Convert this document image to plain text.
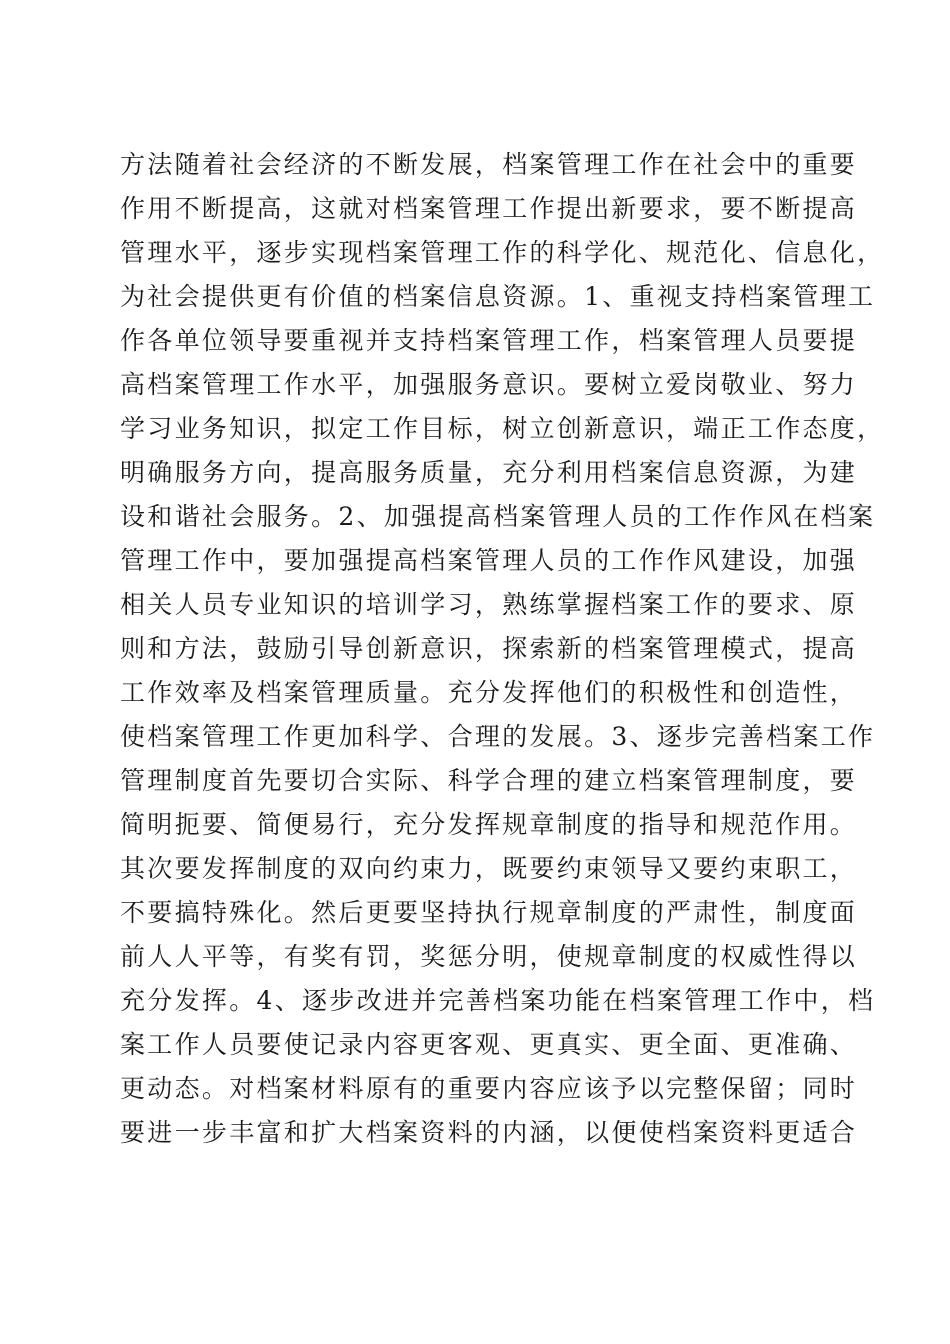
方法随着社会经济的不断发展，档案管理工作在社会中的重要
作用不断提高，这就对档案管理工作提出新要求，要不断提高
管理水平，逐步实现档案管理工作的科学化、规范化、信息化，
为社会提供更有价值的档案信息资源。1、重视支持档案管理工
作各单位领导要重视并支持档案管理工作，档案管理人员要提
高档案管理工作水平，加强服务意识。要树立爱岗敬业、努力
学习业务知识，拟定工作目标，树立创新意识，端正工作态度，
明确服务方向，提高服务质量，充分利用档案信息资源，为建
设和谐社会服务。2、加强提高档案管理人员的工作作风在档案
管理工作中，要加强提高档案管理人员的工作作风建设，加强
相关人员专业知识的培训学习，熟练掌握档案工作的要求、原
则和方法，鼓励引导创新意识，探索新的档案管理模式，提高
工作效率及档案管理质量。充分发挥他们的积极性和创造性，
使档案管理工作更加科学、合理的发展。3、逐步完善档案工作
管理制度首先要切合实际、科学合理的建立档案管理制度，要
简明扼要、简便易行，充分发挥规章制度的指导和规范作用。
其次要发挥制度的双向约束力，既要约束领导又要约束职工，
不要搞特殊化。然后更要坚持执行规章制度的严肃性，制度面
前人人平等，有奖有罚，奖惩分明，使规章制度的权威性得以
充分发挥。4、逐步改进并完善档案功能在档案管理工作中，档
案工作人员要使记录内容更客观、更真实、更全面、更准确、
更动态。对档案材料原有的重要内容应该予以完整保留；同时
要进一步丰富和扩大档案资料的内涵，以便使档案资料更适合
